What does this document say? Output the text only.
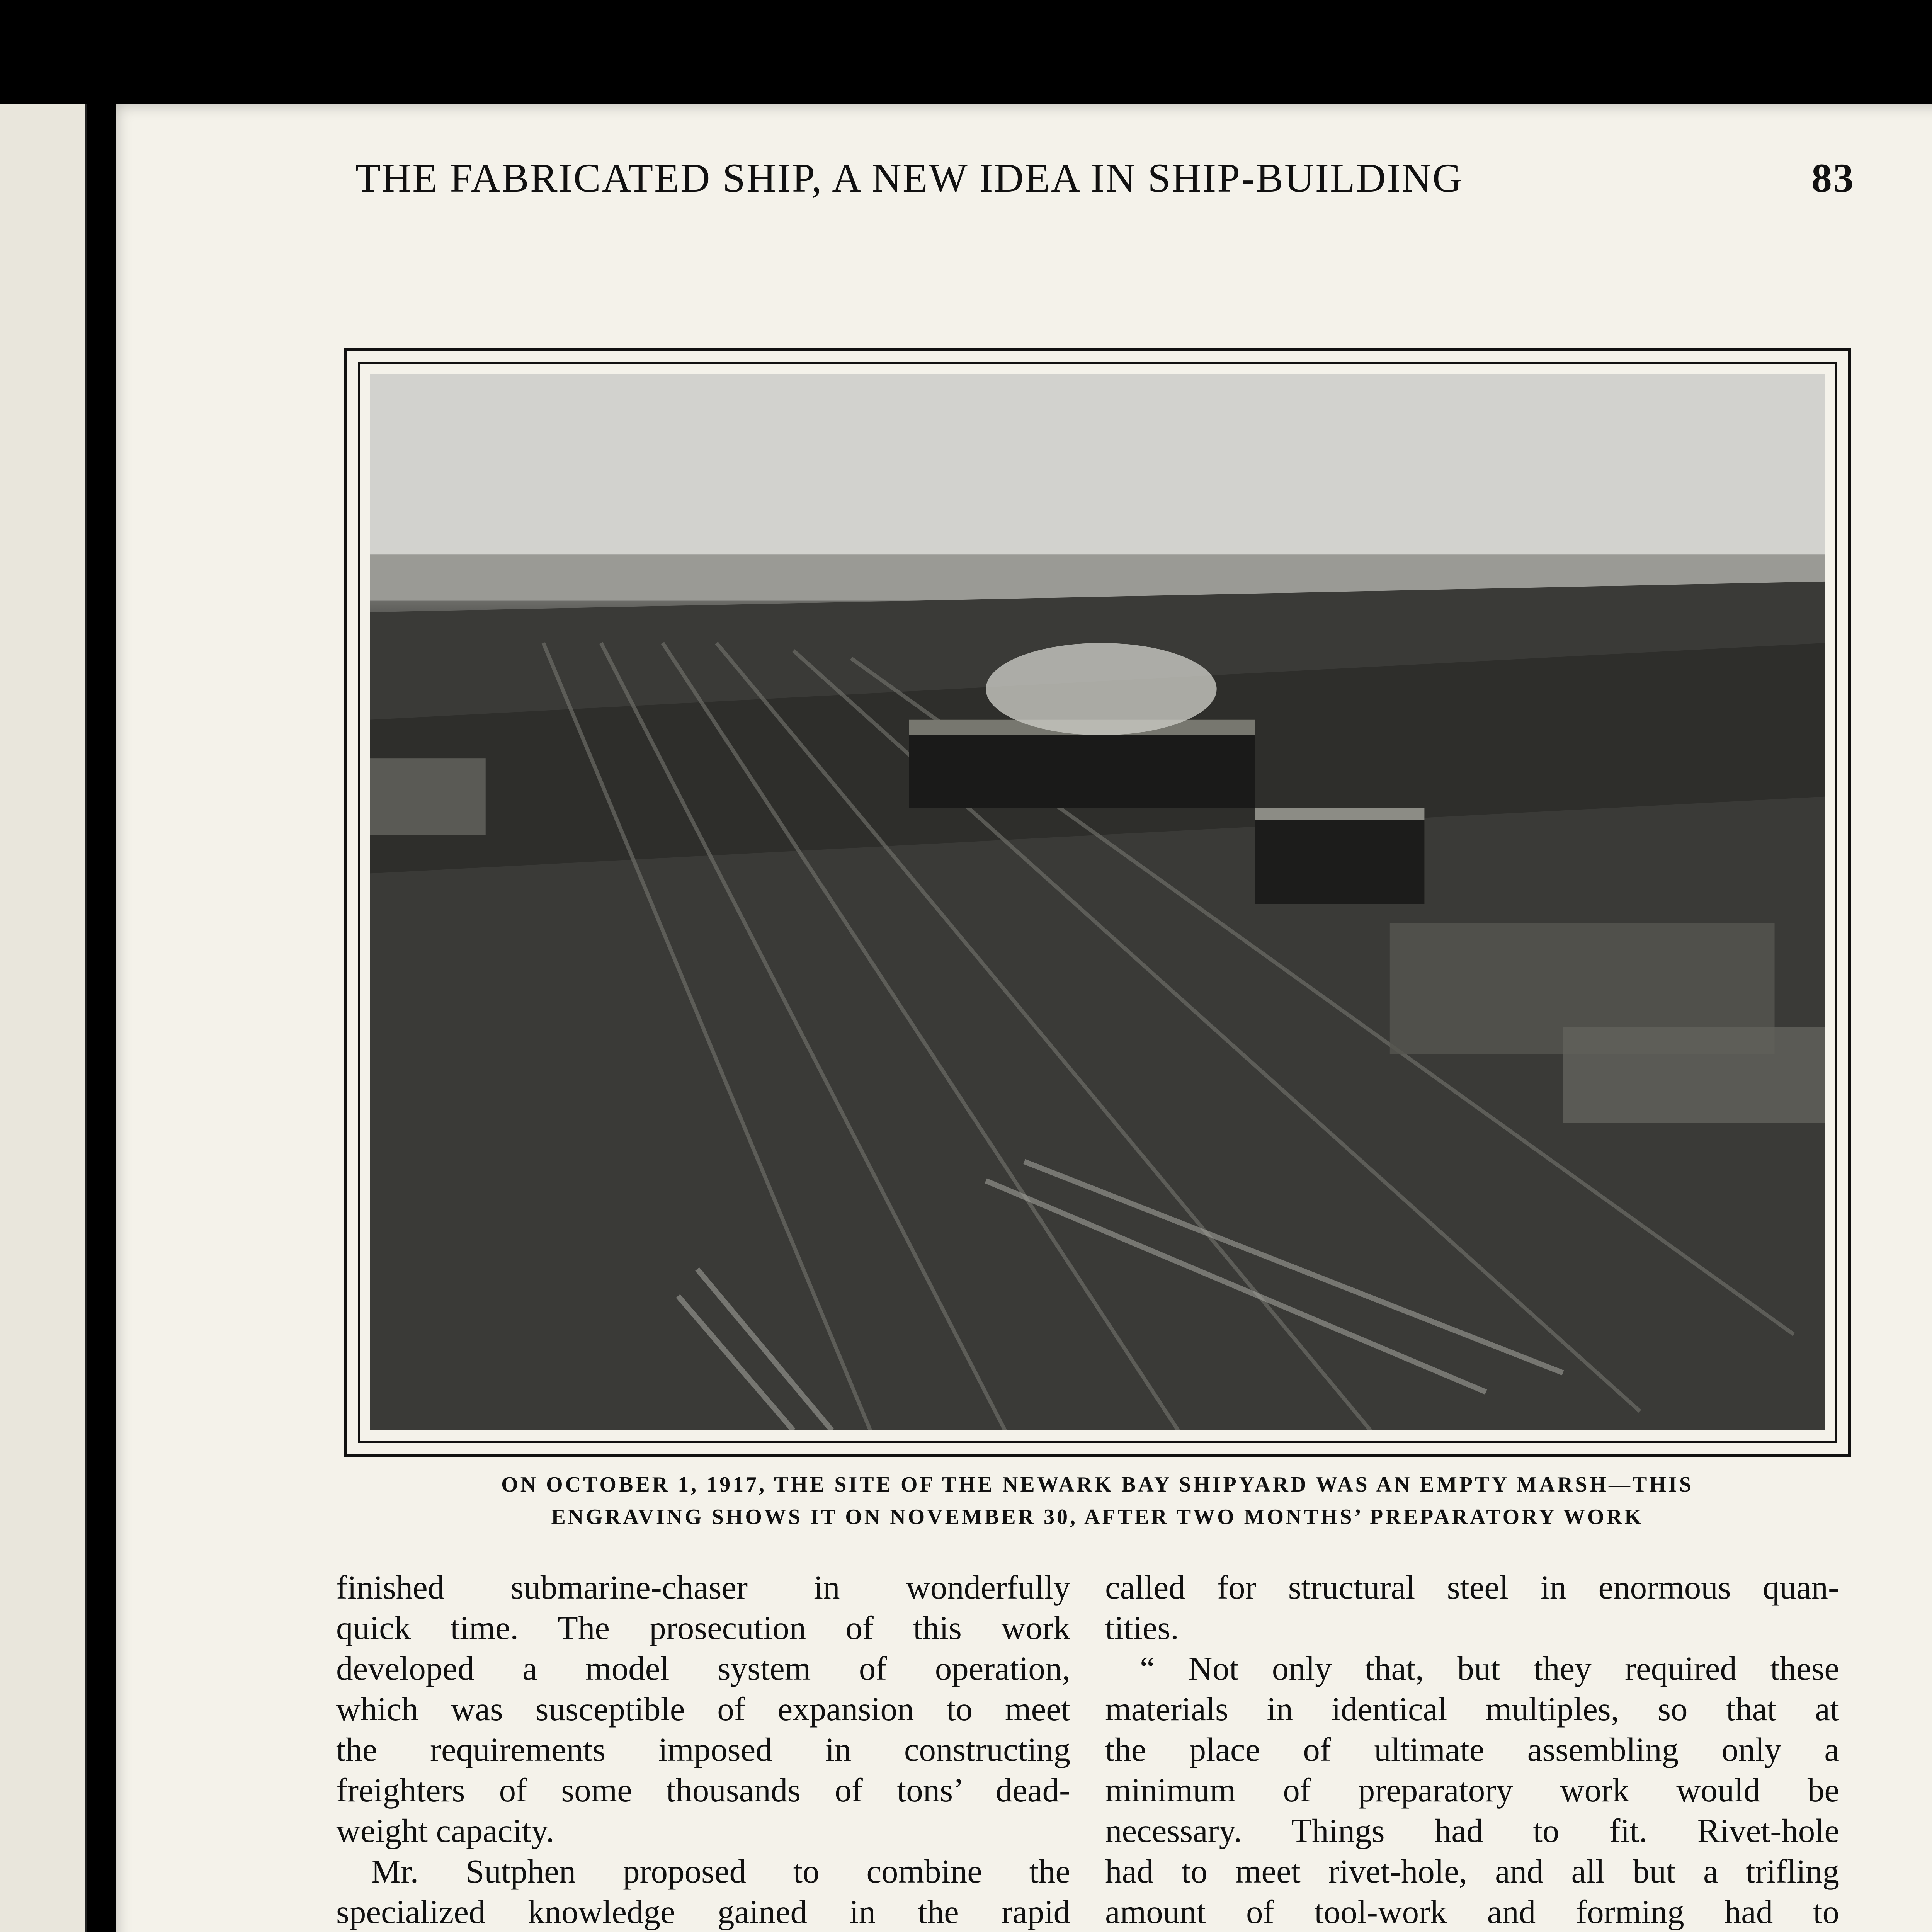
THE FABRICATED SHIP, A NEW IDEA IN SHIP-BUILDING	83
ON OCTOBER 1, 1917, THE SITE OF THE NEWARK BAY SHIPYARD WAS AN EMPTY MARSH—THIS
ENGRAVING SHOWS IT ON NOVEMBER 30, AFTER TWO MONTHS’ PREPARATORY WORK
finished submarine-chaser in wonderfully
quick time. The prosecution of this work
developed a model system of operation,
which was susceptible of expansion to meet
the requirements imposed in constructing
freighters of some thousands of tons’ dead-
weight capacity.
Mr. Sutphen proposed to combine the
specialized knowledge gained in the rapid
called for structural steel in enormous quan-
tities.
“ Not only that, but they required these
materials in identical multiples, so that at
the place of ultimate assembling only a
minimum of preparatory work would be
necessary. Things had to fit. Rivet-hole
had to meet rivet-hole, and all but a trifling
amount of tool-work and forming had to
